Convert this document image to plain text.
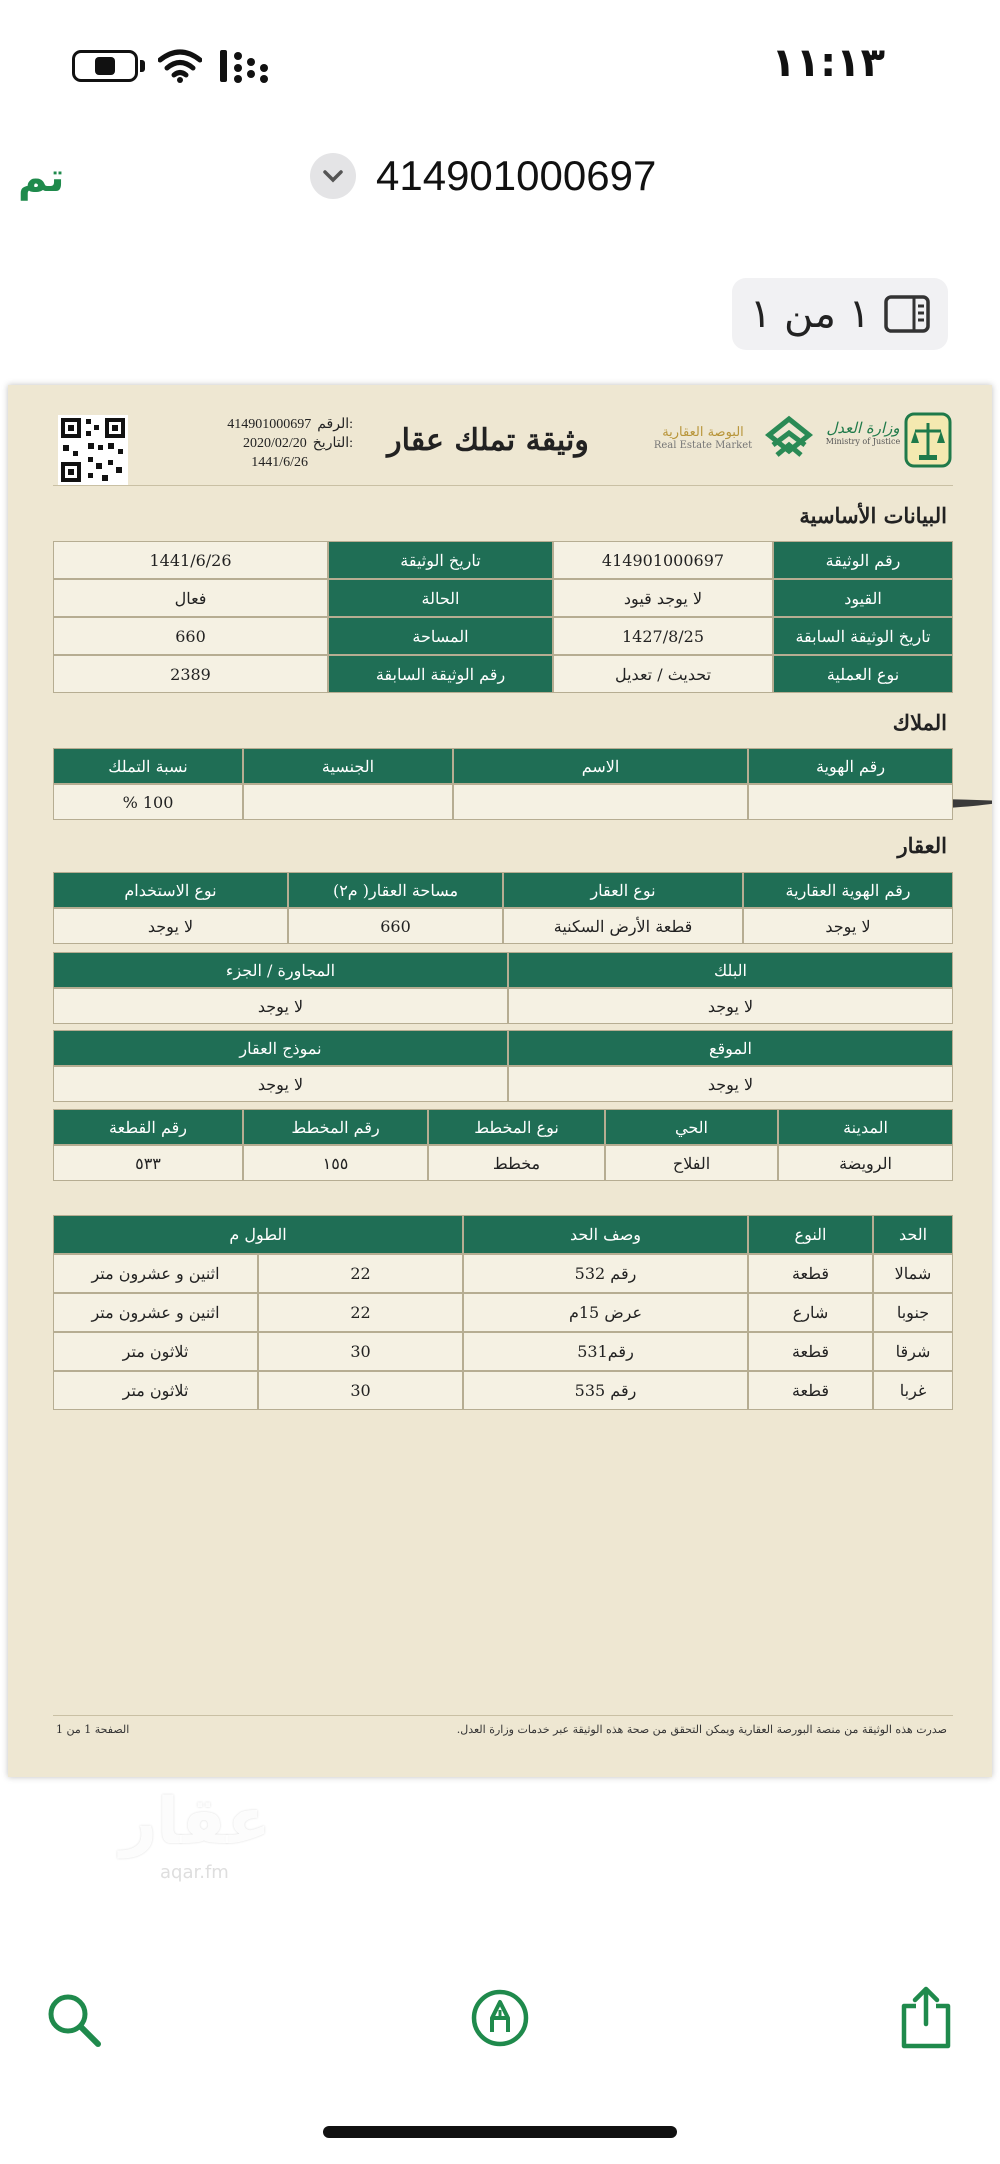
١١:١٣
تم	414901000697
١ من ١
414901000697 الرقم:
2020/02/20 التاريخ:
1441/6/26
وثيقة تملك عقار	البوصة العقارية
Real Estate Market
وزارة العدل
Ministry of Justice
البيانات الأساسية
الملاك
العقار
صدرت هذه الوثيقة من منصة البورصة العقارية ويمكن التحقق من صحة هذه الوثيقة عبر خدمات وزارة العدل.
الصفحة 1 من 1
رقم الوثيقة
414901000697
تاريخ الوثيقة
1441/6/26
القيود
لا يوجد قيود
الحالة
فعال
تاريخ الوثيقة السابقة
1427/8/25
المساحة
660
نوع العملية
تحديث / تعديل
رقم الوثيقة السابقة
2389
رقم الهوية
الاسم
الجنسية
نسبة التملك
100 %
رقم الهوية العقارية
نوع العقار
مساحة العقار( م٢)
نوع الاستخدام
لا يوجد
قطعة الأرض السكنية
660
لا يوجد
البلك
المجاورة / الجزء
لا يوجد
لا يوجد
الموقع
نموذج العقار
لا يوجد
لا يوجد
المدينة
الحي
نوع المخطط
رقم المخطط
رقم القطعة
الرويضة
الفلاح
مخطط
١٥٥
٥٣٣
الحد
النوع
وصف الحد
الطول م
شمالا
قطعة
رقم 532
22
اثنين و عشرون متر
جنوبا
شارع
عرض 15م
22
اثنين و عشرون متر
شرقا
قطعة
رقم531
30
ثلاثون متر
غربا
قطعة
رقم 535
30
ثلاثون متر
عقار
aqar.fm
